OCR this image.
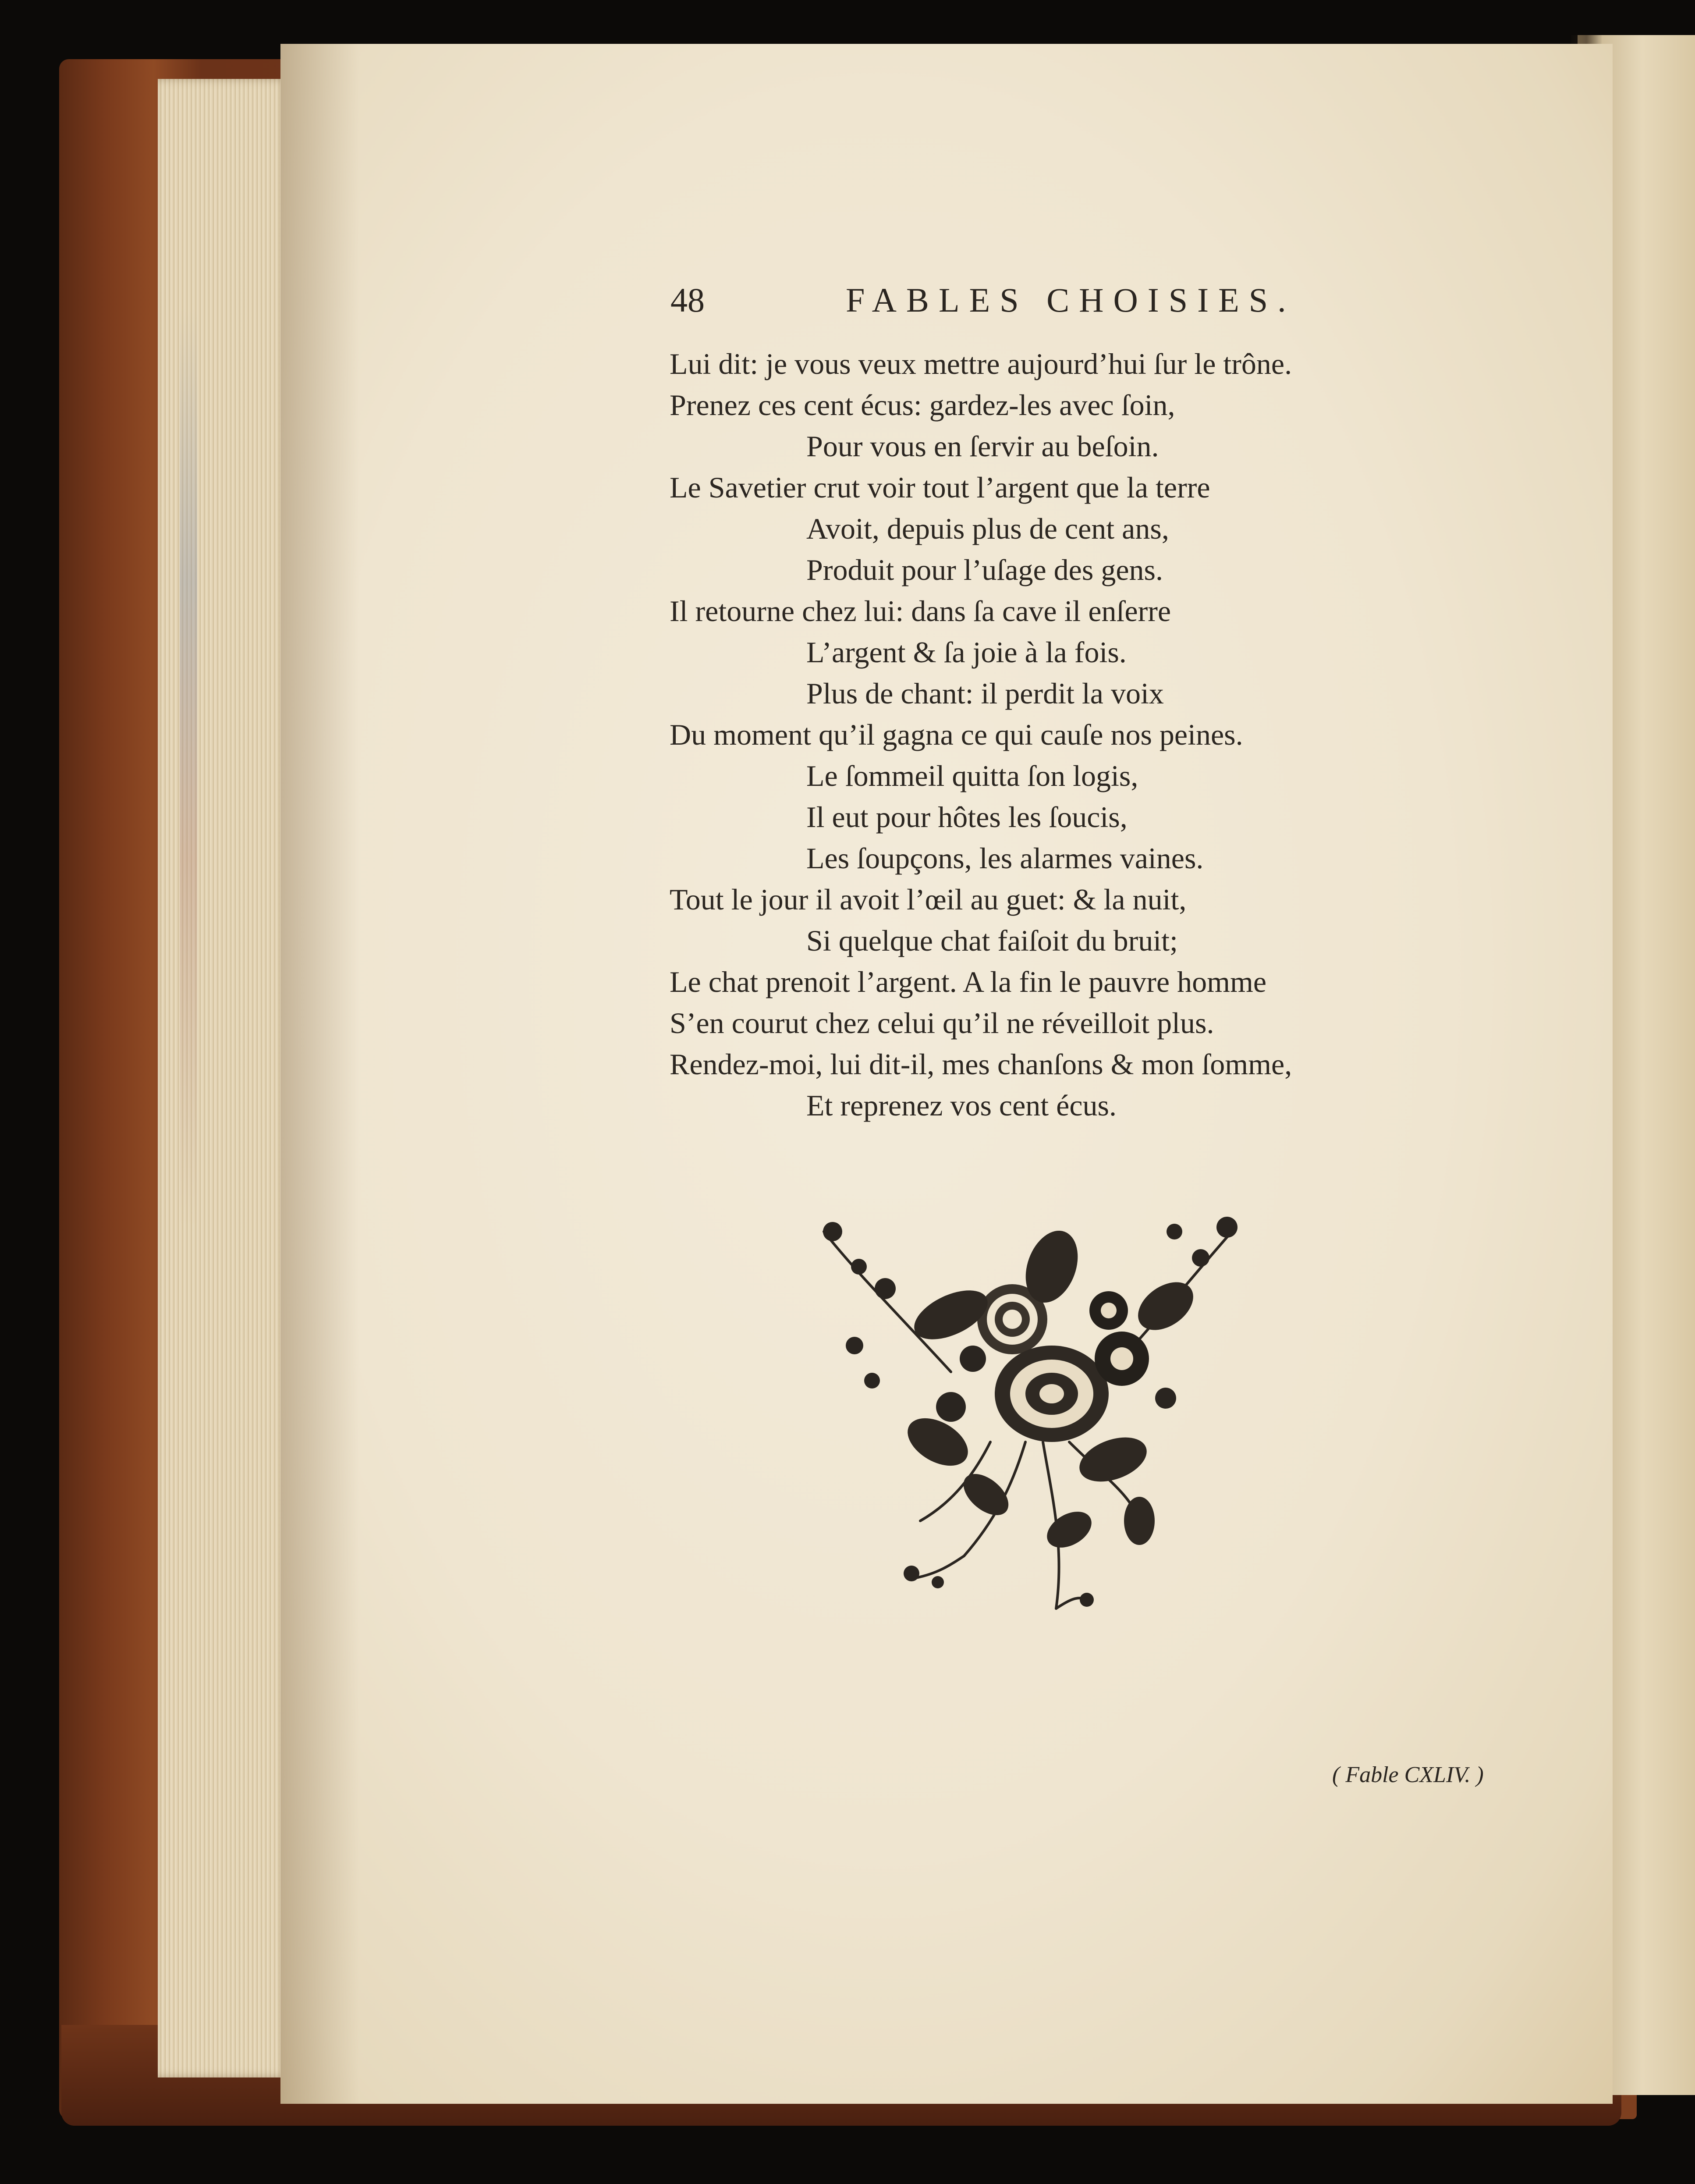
48	FABLES CHOISIES.
Lui dit: je vous veux mettre aujourd’hui ſur le trône.
Prenez ces cent écus: gardez-les avec ſoin,
Pour vous en ſervir au beſoin.
Le Savetier crut voir tout l’argent que la terre
Avoit, depuis plus de cent ans,
Produit pour l’uſage des gens.
Il retourne chez lui: dans ſa cave il enſerre
L’argent & ſa joie à la fois.
Plus de chant: il perdit la voix
Du moment qu’il gagna ce qui cauſe nos peines.
Le ſommeil quitta ſon logis,
Il eut pour hôtes les ſoucis,
Les ſoupçons, les alarmes vaines.
Tout le jour il avoit l’œil au guet: & la nuit,
Si quelque chat faiſoit du bruit;
Le chat prenoit l’argent. A la fin le pauvre homme
S’en courut chez celui qu’il ne réveilloit plus.
Rendez-moi, lui dit-il, mes chanſons & mon ſomme,
Et reprenez vos cent écus.
( Fable CXLIV. )
